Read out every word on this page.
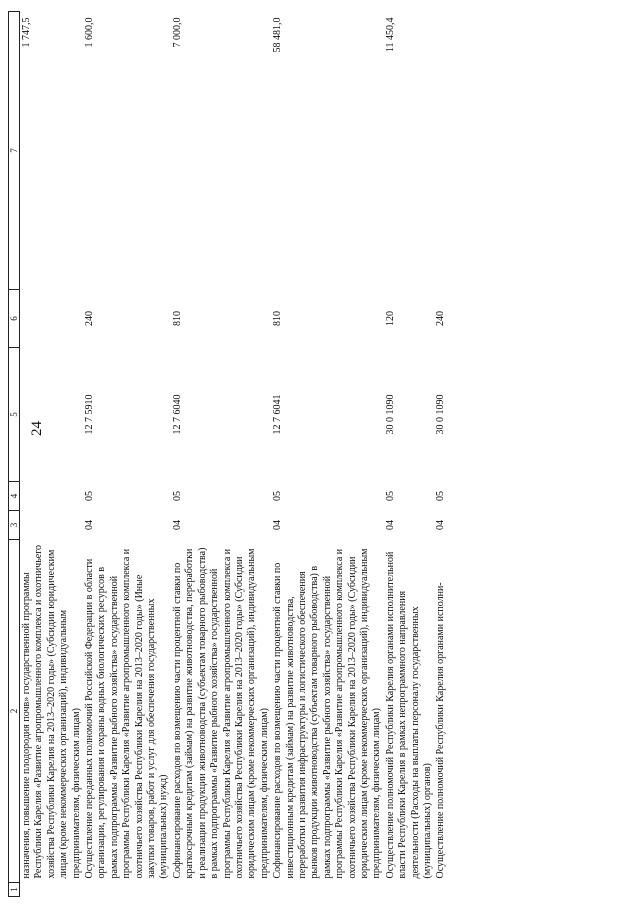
24
1	2	3	4	5	6	7
	назначения, повышение плодородия почв» государственной программы Республики Карелия «Развитие агропромышленного комплекса и охотничьего хозяйства Республики Карелия на 2013–2020 годы» (Субсидии юридическим лицам (кроме некоммерческих организаций), индивидуальным предпринимателям, физическим лицам)					1 747,5
	Осуществление переданных полномочий Российской Федерации в области организации, регулирования и охраны водных биологических ресурсов в рамках подпрограммы «Развитие рыбного хозяйства» государственной программы Республики Карелия «Развитие агропромышленного комплекса и охотничьего хозяйства Республики Карелия на 2013–2020 годы» (Иные закупки товаров, работ и услуг для обеспечения государственных (муниципальных) нужд)	04	05	12 7 5910	240	1 600,0
	Софинансирование расходов по возмещению части процентной ставки по краткосрочным кредитам (займам) на развитие животноводства, переработки и реализации продукции животноводства (субъектам товарного рыбоводства) в рамках подпрограммы «Развитие рыбного хозяйства» государственной программы Республики Карелия «Развитие агропромышленного комплекса и охотничьего хозяйства Республики Карелия на 2013–2020 годы» (Субсидии юридическим лицам (кроме некоммерческих организаций), индивидуальным предпринимателям, физическим лицам)	04	05	12 7 6040	810	7 000,0
	Софинансирование расходов по возмещению части процентной ставки по инвестиционным кредитам (займам) на развитие животноводства, переработки и развития инфраструктуры и логистического обеспечения рынков продукции животноводства (субъектам товарного рыбоводства) в рамках подпрограммы «Развитие рыбного хозяйства» государственной программы Республики Карелия «Развитие агропромышленного комплекса и охотничьего хозяйства Республики Карелия на 2013–2020 годы» (Субсидии юридическим лицам (кроме некоммерческих организаций), индивидуальным предпринимателям, физическим лицам)	04	05	12 7 6041	810	58 481,0
	Осуществление полномочий Республики Карелия органами исполнительной власти Республики Карелия в рамках непрограммного направления деятельности (Расходы на выплаты персоналу государственных (муниципальных) органов)	04	05	30 0 1090	120	11 450,4
	Осуществление полномочий Республики Карелия органами исполни-	04	05	30 0 1090	240	
